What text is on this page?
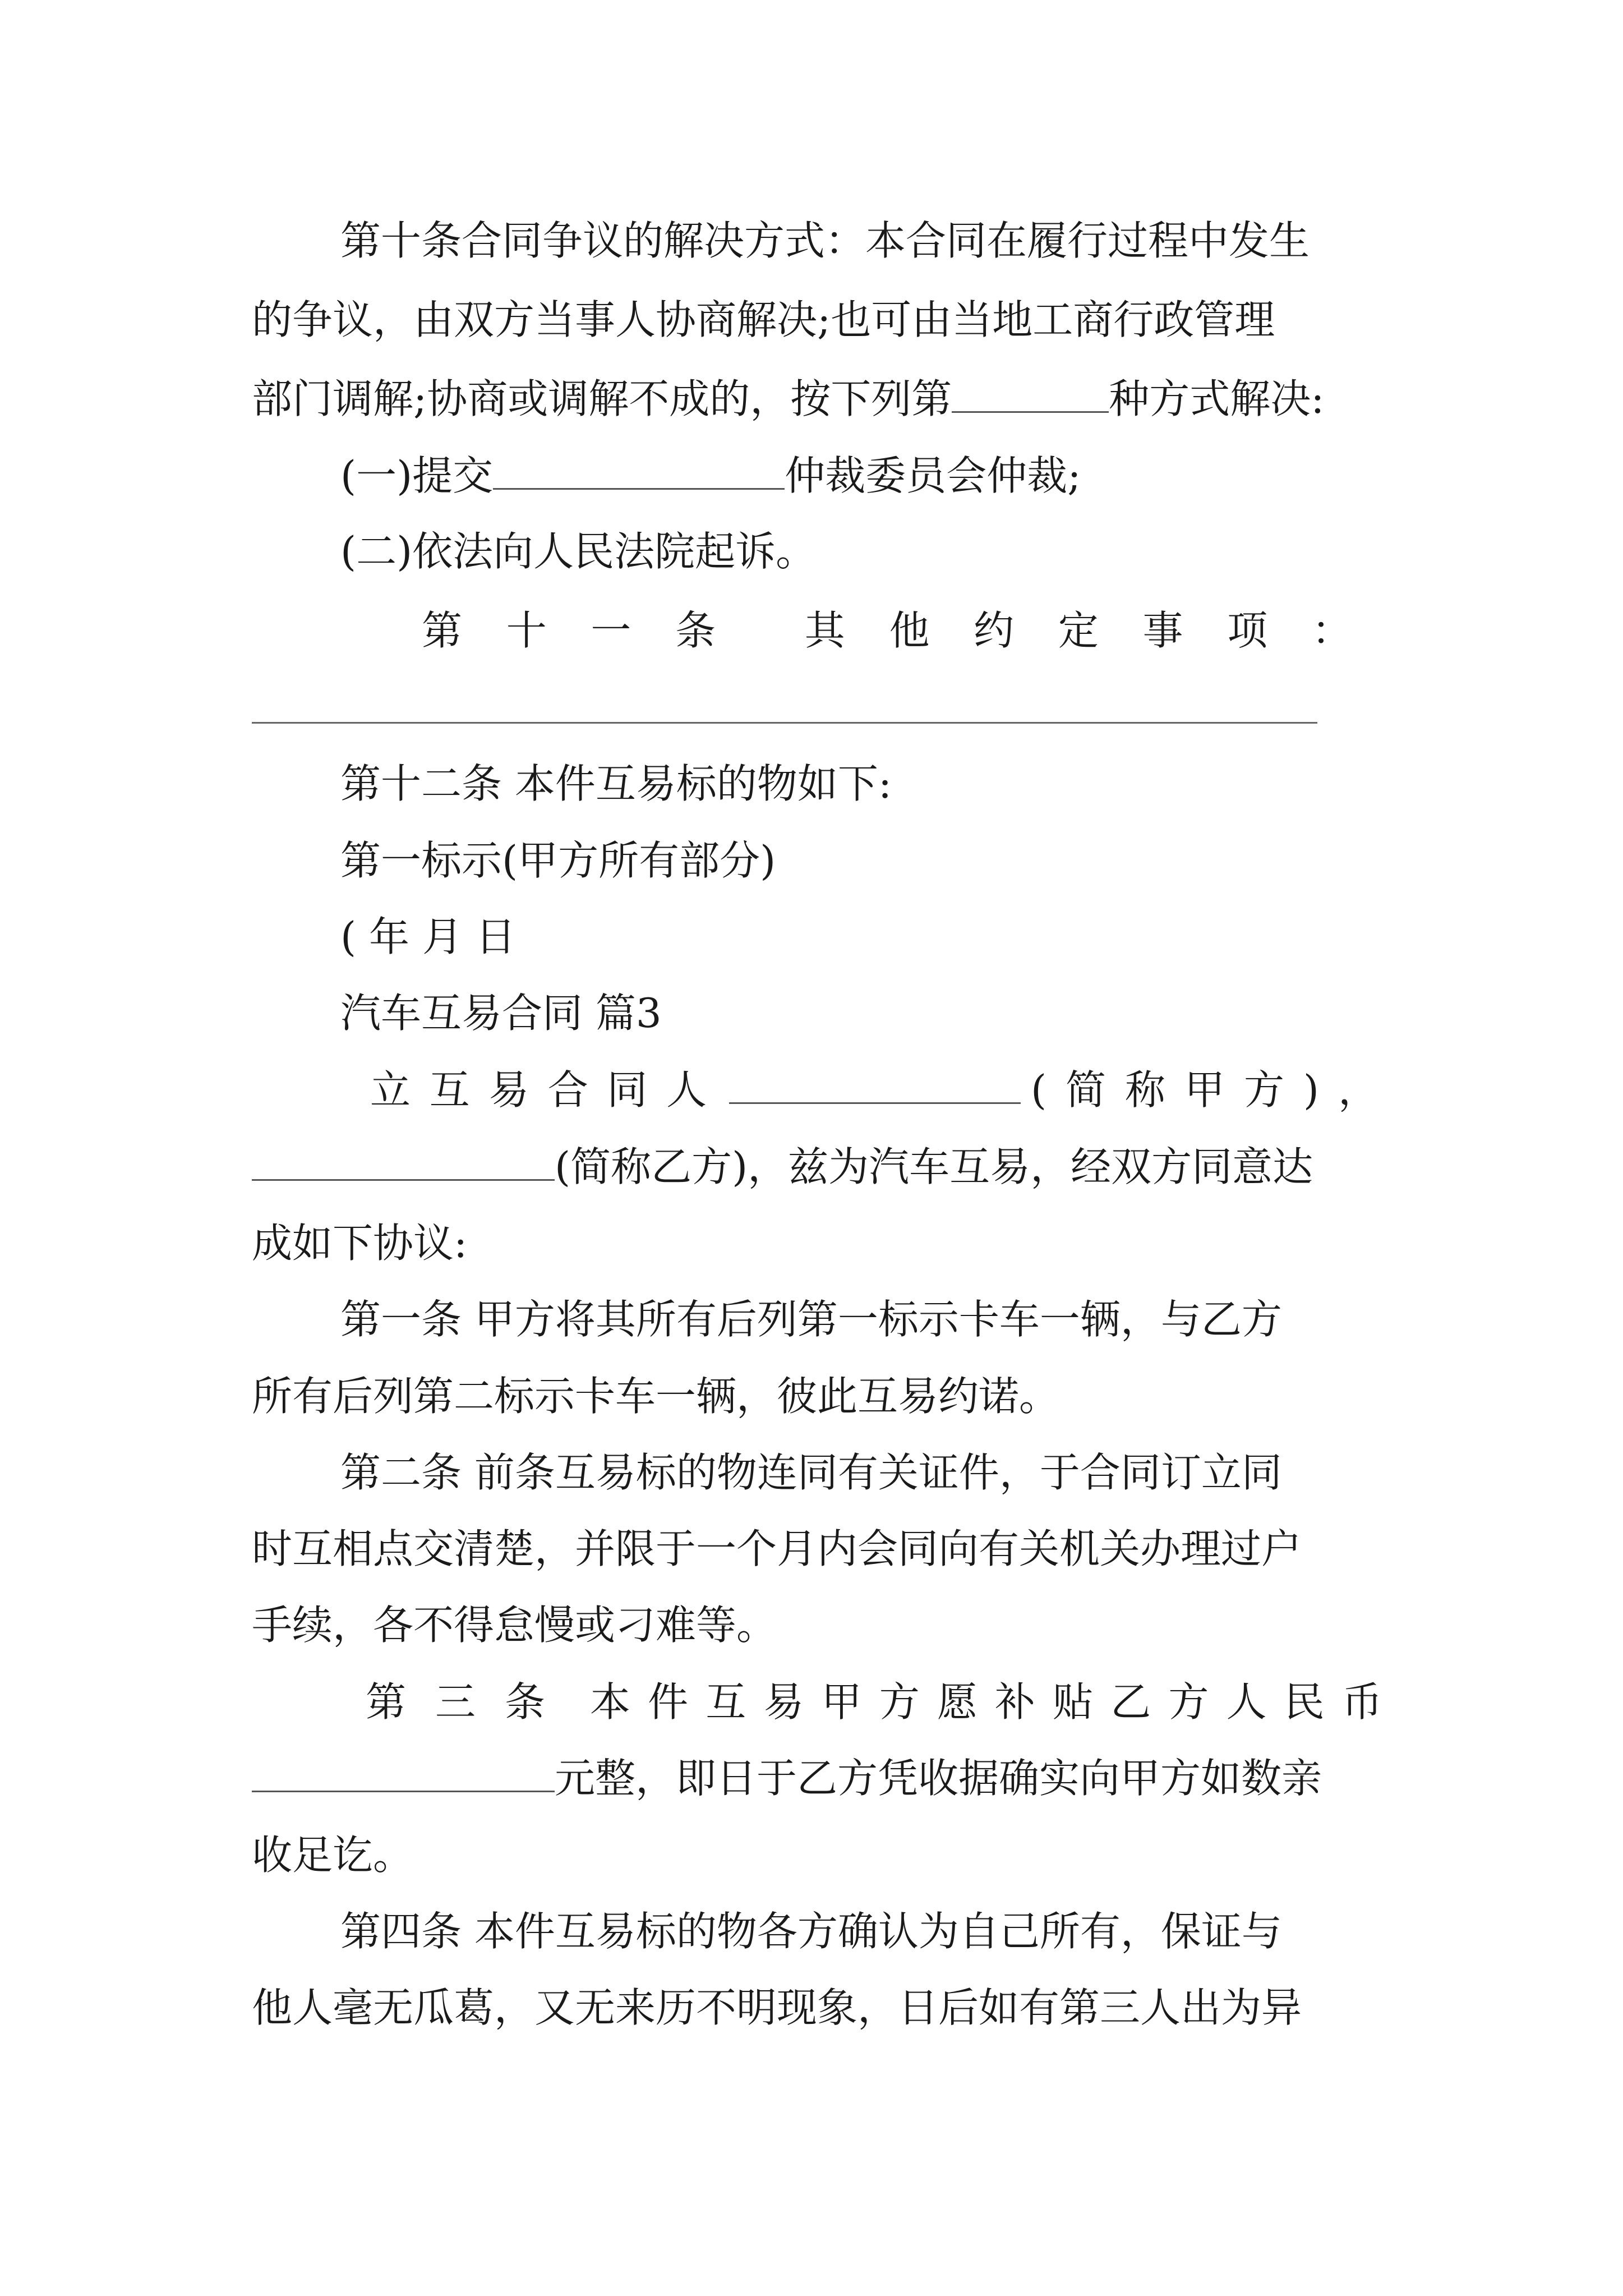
第十条合同争议的解决方式：本合同在履行过程中发生
的争议，由双方当事人协商解决;也可由当地工商行政管理
部门调解;协商或调解不成的，按下列第	种方式解决:
(一)提交	仲裁委员会仲裁;
(二)依法向人民法院起诉。
第 十 一 条 其 他 约 定 事 项 ：
第十二条 本件互易标的物如下:
第一标示(甲方所有部分)
( 年 月 日
汽车互易合同 篇3
立 互 易 合 同 人	( 简 称 甲 方 ) ，
(简称乙方)，兹为汽车互易，经双方同意达
成如下协议:
第一条 甲方将其所有后列第一标示卡车一辆，与乙方
所有后列第二标示卡车一辆，彼此互易约诺。
第二条 前条互易标的物连同有关证件，于合同订立同
时互相点交清楚，并限于一个月内会同向有关机关办理过户
手续，各不得怠慢或刁难等。
第 三 条 本 件 互 易 甲 方 愿 补 贴 乙 方 人 民 币
元整，即日于乙方凭收据确实向甲方如数亲
收足讫。
第四条 本件互易标的物各方确认为自己所有，保证与
他人毫无瓜葛，又无来历不明现象，日后如有第三人出为异
